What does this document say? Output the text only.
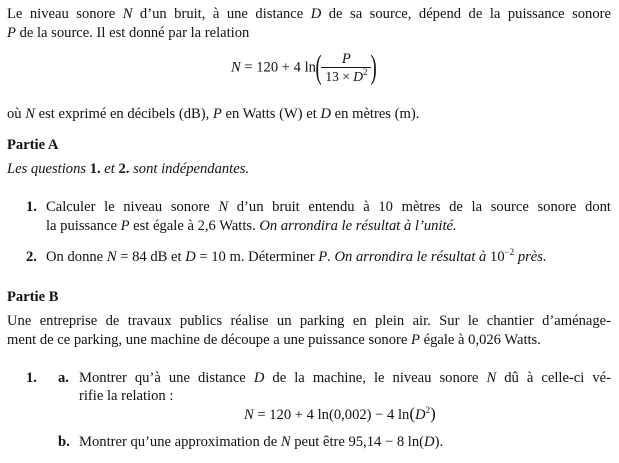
Le niveau sonore N d’un bruit, à une distance D de sa source, dépend de la puissance sonore
P de la source. Il est donné par la relation
N = 120 + 4 $\ln( \frac{P}{13 \times D^2}$ )
où N est exprimé en décibels (dB), P en Watts (W) et D en mètres (m).
Partie A
Les questions 1. et 2. sont indépendantes.
1. Calculer le niveau sonore N d’un bruit entendu à 10 mètres de la source sonore dont
la puissance P est égale à 2,6 Watts. On arrondira le résultat à l’unité.
2. On donne N = 84 dB et D = 10 m. Déterminer P. On arrondira le résultat à $10^{-2}$ près.
Partie B
Une entreprise de travaux publics réalise un parking en plein air. Sur le chantier d’aménage-
ment de ce parking, une machine de découpe a une puissance sonore P égale à 0,026 Watts.
1. a. Montrer qu’à une distance D de la machine, le niveau sonore N dû à celle-ci vé-
rifie la relation :
N = 120 + 4 ln(0,002) − 4 $\ln(D^2)$
b. Montrer qu’une approximation de N peut être 95,14 − 8 ln(D).
